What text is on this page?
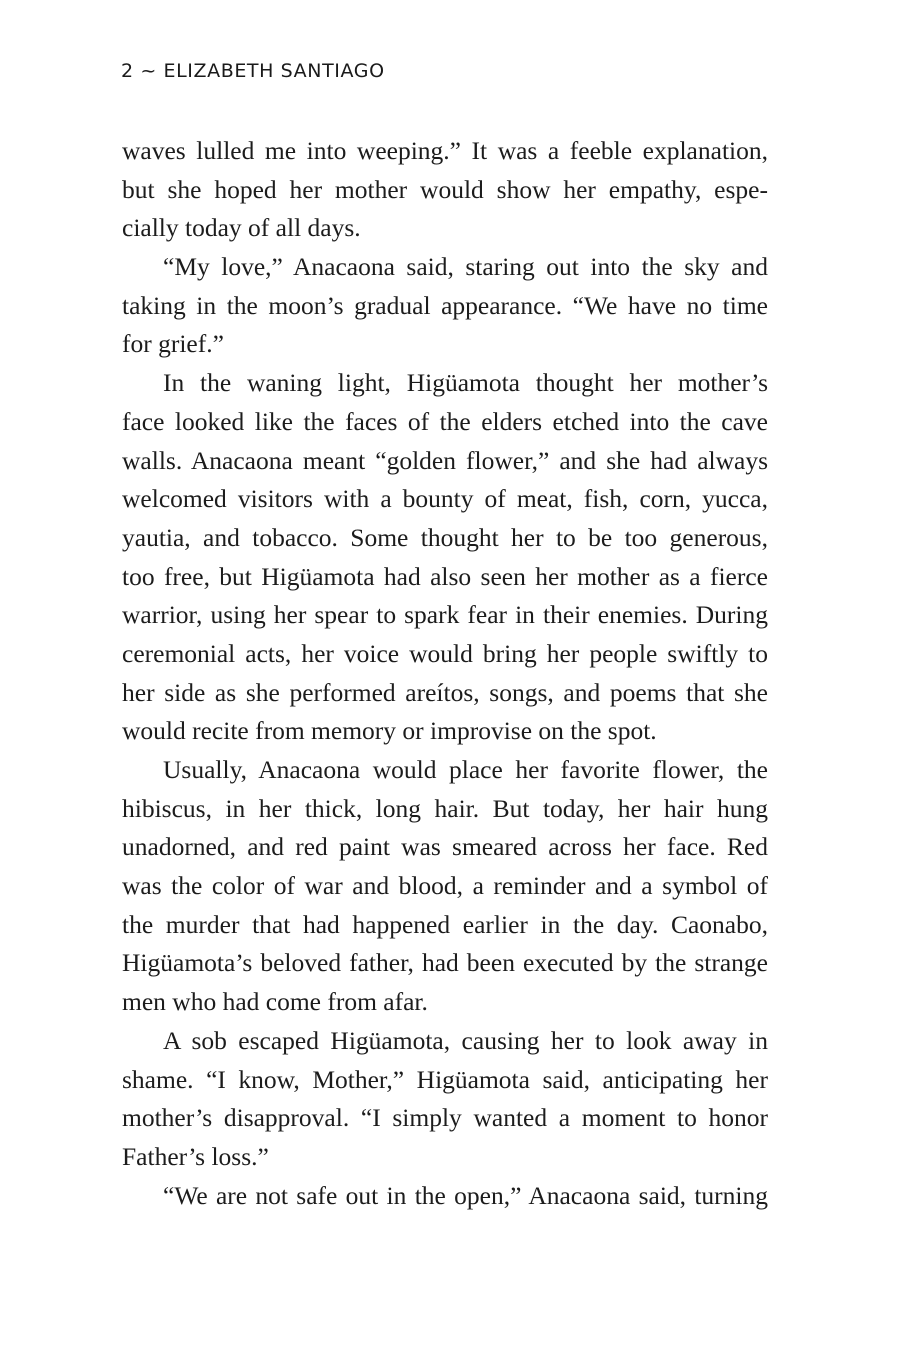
2 ~ ELIZABETH SANTIAGO
waves lulled me into weeping.” It was a feeble explanation,
but she hoped her mother would show her empathy, espe-
cially today of all days.
“My love,” Anacaona said, staring out into the sky and
taking in the moon’s gradual appearance. “We have no time
for grief.”
In the waning light, Higüamota thought her mother’s
face looked like the faces of the elders etched into the cave
walls. Anacaona meant “golden flower,” and she had always
welcomed visitors with a bounty of meat, fish, corn, yucca,
yautia, and tobacco. Some thought her to be too generous,
too free, but Higüamota had also seen her mother as a fierce
warrior, using her spear to spark fear in their enemies. During
ceremonial acts, her voice would bring her people swiftly to
her side as she performed areítos, songs, and poems that she
would recite from memory or improvise on the spot.
Usually, Anacaona would place her favorite flower, the
hibiscus, in her thick, long hair. But today, her hair hung
unadorned, and red paint was smeared across her face. Red
was the color of war and blood, a reminder and a symbol of
the murder that had happened earlier in the day. Caonabo,
Higüamota’s beloved father, had been executed by the strange
men who had come from afar.
A sob escaped Higüamota, causing her to look away in
shame. “I know, Mother,” Higüamota said, anticipating her
mother’s disapproval. “I simply wanted a moment to honor
Father’s loss.”
“We are not safe out in the open,” Anacaona said, turning
